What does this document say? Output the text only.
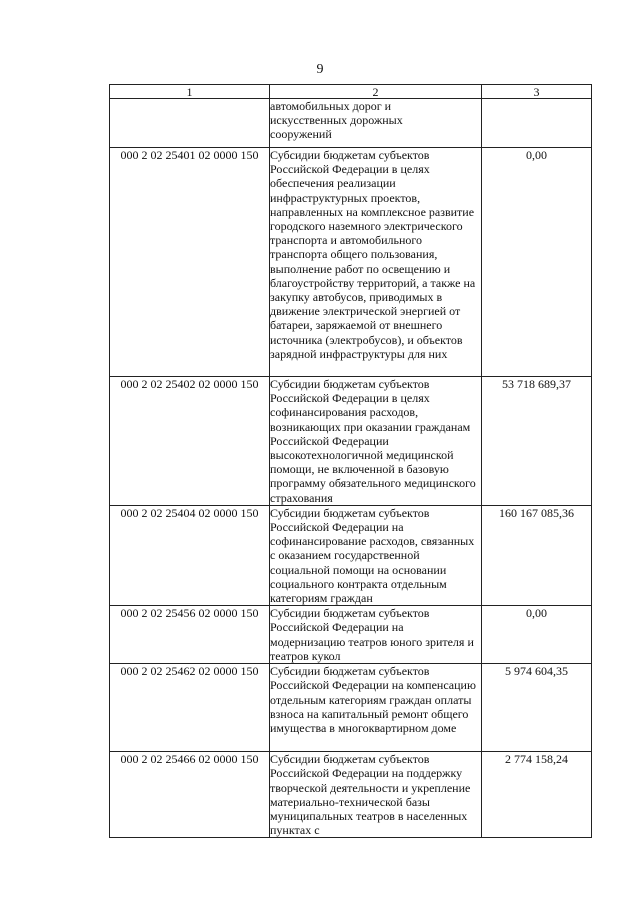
9
1	2	3

	автомобильных дорог и
искусственных дорожных
сооружений	

000 2 02 25401 02 0000 150	Субсидии бюджетам субъектов Российской Федерации в целях обеспечения реализации инфраструктурных проектов, направленных на комплексное развитие городского наземного электрического транспорта и автомобильного транспорта общего пользования, выполнение работ по освещению и благоустройству территорий, а также на закупку автобусов, приводимых в движение электрической энергией от батареи, заряжаемой от внешнего источника (электробусов), и объектов зарядной инфраструктуры для них	0,00
000 2 02 25402 02 0000 150	Субсидии бюджетам субъектов Российской Федерации в целях софинансирования расходов, возникающих при оказании гражданам Российской Федерации высокотехнологичной медицинской помощи, не включенной в базовую программу обязательного медицинского страхования	53 718 689,37
000 2 02 25404 02 0000 150	Субсидии бюджетам субъектов Российской Федерации на софинансирование расходов, связанных с оказанием государственной социальной помощи на основании социального контракта отдельным категориям граждан	160 167 085,36
000 2 02 25456 02 0000 150	Субсидии бюджетам субъектов Российской Федерации на модернизацию театров юного зрителя и театров кукол	0,00
000 2 02 25462 02 0000 150	Субсидии бюджетам субъектов Российской Федерации на компенсацию отдельным категориям граждан оплаты взноса на капитальный ремонт общего имущества в многоквартирном доме	5 974 604,35
000 2 02 25466 02 0000 150	Субсидии бюджетам субъектов Российской Федерации на поддержку творческой деятельности и укрепление материально-технической базы муниципальных театров в населенных пунктах с	2 774 158,24
